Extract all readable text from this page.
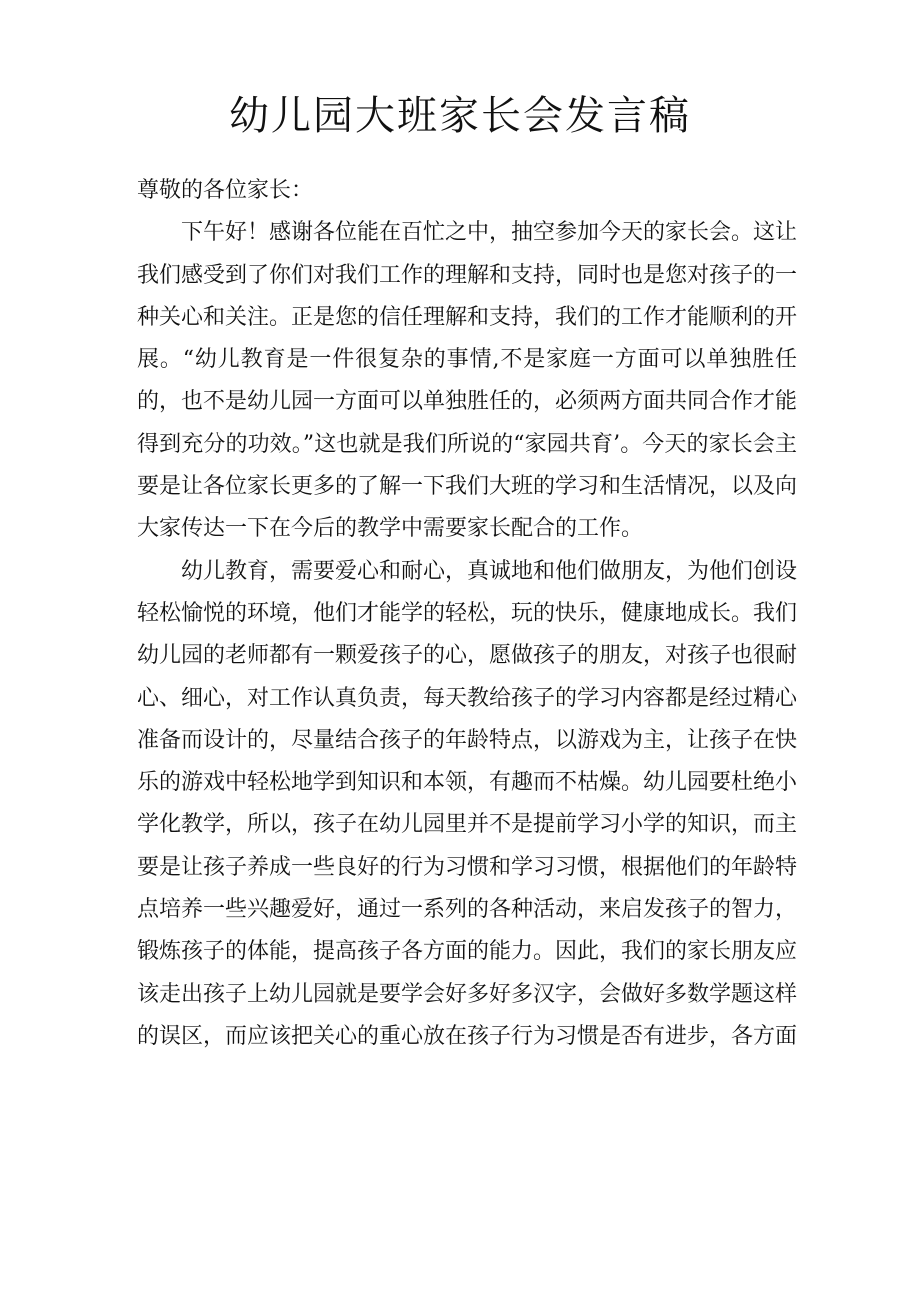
幼儿园大班家长会发言稿

尊敬的各位家长：

下午好！感谢各位能在百忙之中，抽空参加今天的家长会。这让我们感受到了你们对我们工作的理解和支持，同时也是您对孩子的一种关心和关注。正是您的信任理解和支持，我们的工作才能顺利的开展。“幼儿教育是一件很复杂的事情,不是家庭一方面可以单独胜任的，也不是幼儿园一方面可以单独胜任的，必须两方面共同合作才能得到充分的功效。”这也就是我们所说的“家园共育’。今天的家长会主要是让各位家长更多的了解一下我们大班的学习和生活情况，以及向大家传达一下在今后的教学中需要家长配合的工作。

幼儿教育，需要爱心和耐心，真诚地和他们做朋友，为他们创设轻松愉悦的环境，他们才能学的轻松，玩的快乐，健康地成长。我们幼儿园的老师都有一颗爱孩子的心，愿做孩子的朋友，对孩子也很耐心、细心，对工作认真负责，每天教给孩子的学习内容都是经过精心准备而设计的，尽量结合孩子的年龄特点，以游戏为主，让孩子在快乐的游戏中轻松地学到知识和本领，有趣而不枯燥。幼儿园要杜绝小学化教学，所以，孩子在幼儿园里并不是提前学习小学的知识，而主要是让孩子养成一些良好的行为习惯和学习习惯，根据他们的年龄特点培养一些兴趣爱好，通过一系列的各种活动，来启发孩子的智力，锻炼孩子的体能，提高孩子各方面的能力。因此，我们的家长朋友应该走出孩子上幼儿园就是要学会好多好多汉字，会做好多数学题这样的误区，而应该把关心的重心放在孩子行为习惯是否有进步，各方面
